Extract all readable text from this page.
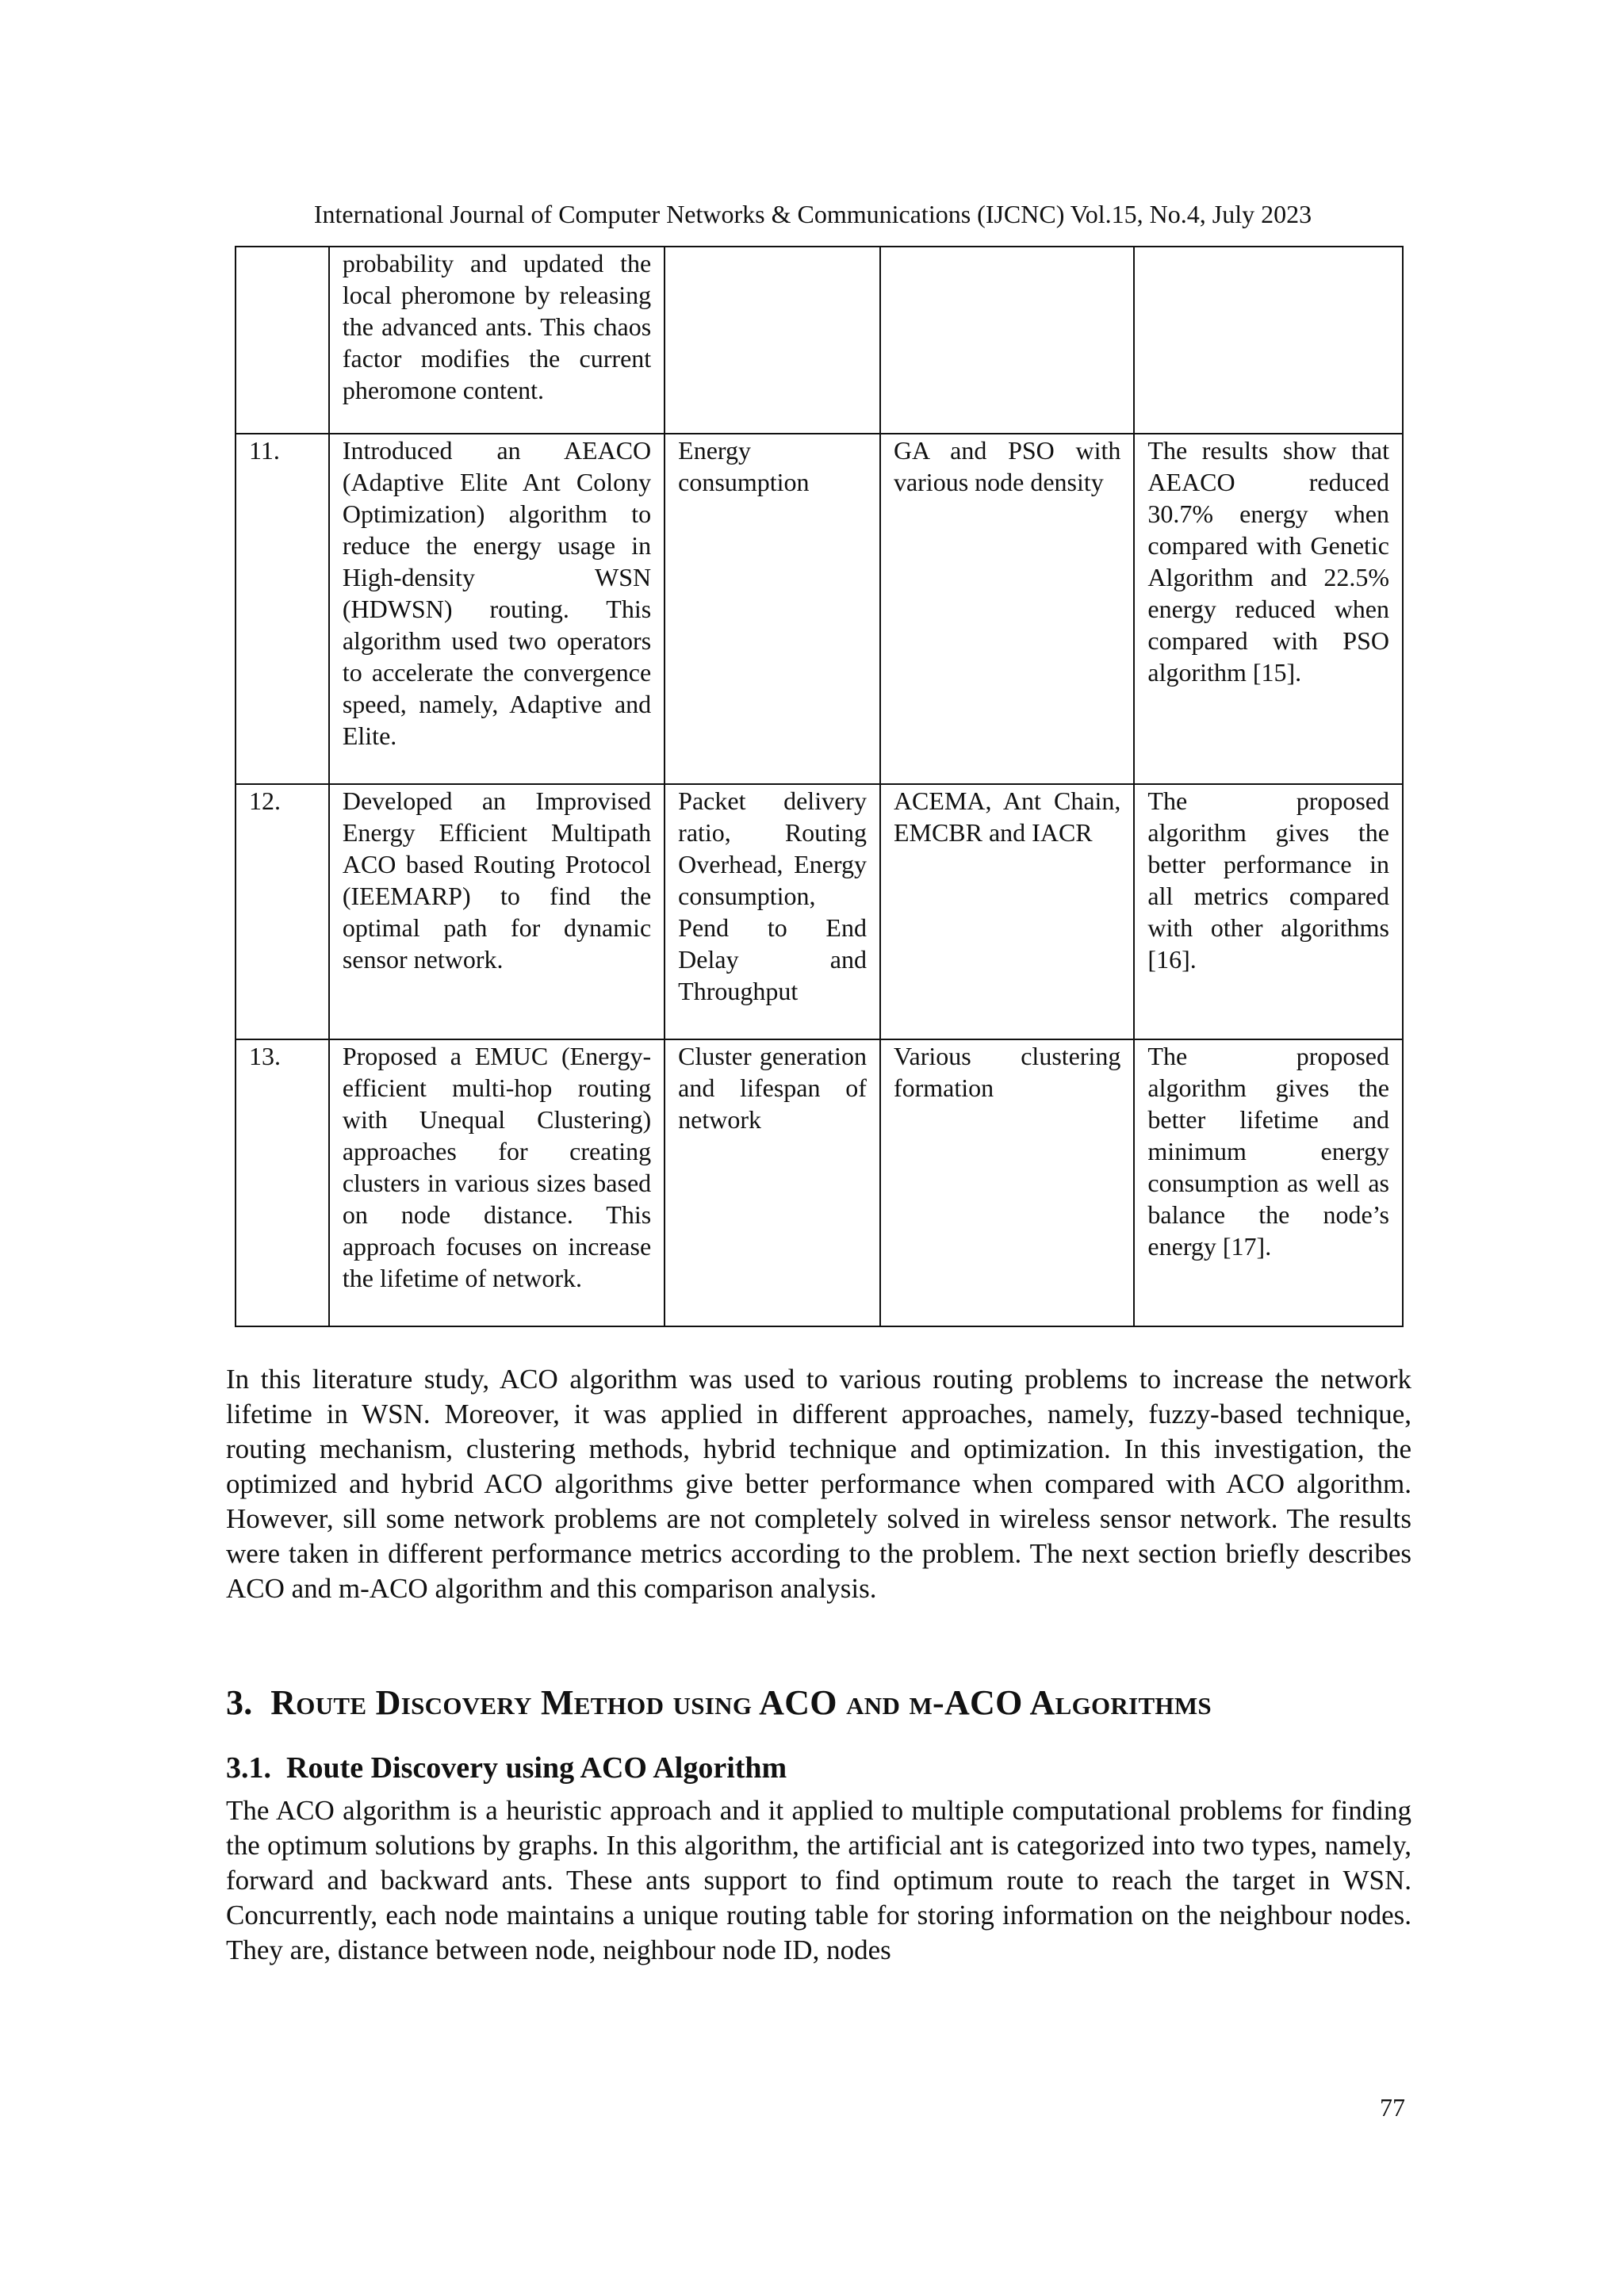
International Journal of Computer Networks & Communications (IJCNC) Vol.15, No.4, July 2023
	probability and updated the local pheromone by releasing the advanced ants. This chaos factor modifies the current pheromone content.			
11.	Introduced an AEACO (Adaptive Elite Ant Colony Optimization) algorithm to reduce the energy usage in High-density WSN (HDWSN) routing. This algorithm used two operators to accelerate the convergence speed, namely, Adaptive and Elite.	Energy consumption	GA and PSO with various node density	The results show that AEACO reduced 30.7% energy when compared with Genetic Algorithm and 22.5% energy reduced when compared with PSO algorithm [15].
12.	Developed an Improvised Energy Efficient Multipath ACO based Routing Protocol (IEEMARP) to find the optimal path for dynamic sensor network.	Packet delivery ratio, Routing Overhead, Energy consumption, Pend to End Delay and Throughput	ACEMA, Ant Chain, EMCBR and IACR	The proposed algorithm gives the better performance in all metrics compared with other algorithms [16].
13.	Proposed a EMUC (Energy-efficient multi-hop routing with Unequal Clustering) approaches for creating clusters in various sizes based on node distance. This approach focuses on increase the lifetime of network.	Cluster generation and lifespan of network	Various clustering formation	The proposed algorithm gives the better lifetime and minimum energy consumption as well as balance the node’s energy [17].

In this literature study, ACO algorithm was used to various routing problems to increase the network lifetime in WSN. Moreover, it was applied in different approaches, namely, fuzzy-based technique, routing mechanism, clustering methods, hybrid technique and optimization. In this investigation, the optimized and hybrid ACO algorithms give better performance when compared with ACO algorithm. However, sill some network problems are not completely solved in wireless sensor network. The results were taken in different performance metrics according to the problem. The next section briefly describes ACO and m-ACO algorithm and this comparison analysis.

3. Route Discovery Method using ACO and m-ACO Algorithms
3.1. Route Discovery using ACO Algorithm

The ACO algorithm is a heuristic approach and it applied to multiple computational problems for finding the optimum solutions by graphs. In this algorithm, the artificial ant is categorized into two types, namely, forward and backward ants. These ants support to find optimum route to reach the target in WSN. Concurrently, each node maintains a unique routing table for storing information on the neighbour nodes. They are, distance between node, neighbour node ID, nodes

77
